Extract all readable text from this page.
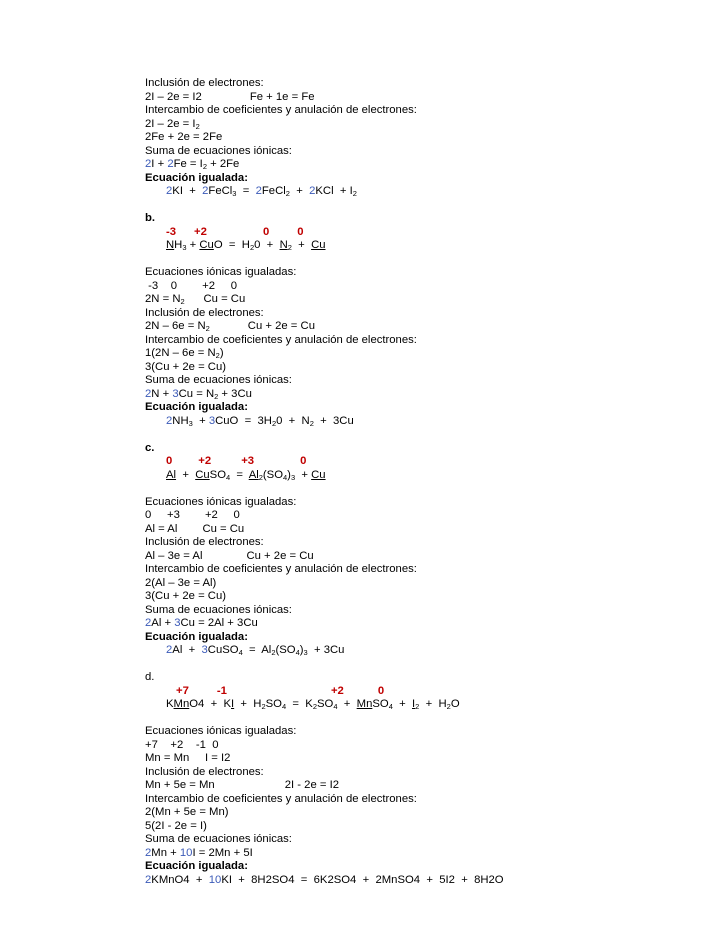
Inclusión de electrones:
2I – 2e = I2	Fe + 1e = Fe
Intercambio de coeficientes y anulación de electrones:
$2I - 2e = I_2$
2Fe + 2e = 2Fe
Suma de ecuaciones iónicas:
$2I + 2Fe = I_2 + 2Fe$
Ecuación igualada:
2KI  +  2FeCl$_3$  =  2FeCl$_2$  +  $2KCl + I_2$
b.
-3 +2	0 0
$NH_3$ + CuO  =  $H_20 + N_2 + Cu$
Ecuaciones iónicas igualadas:
-3    0        +2     0
$2N = N_2$      Cu = Cu
Inclusión de electrones:
$2N - 6e = N_2$	Cu + 2e = Cu
Intercambio de coeficientes y anulación de electrones:
$1(2N - 6e = N_2)$
3(Cu + 2e = Cu)
Suma de ecuaciones iónicas:
$2N + 3Cu = N_2 + 3Cu$
Ecuación igualada:
$2NH_3 + 3CuO = 3H_20 + N_2 + 3Cu$
c.
0 +2	+3	0
Al  +  CuSO$_4$  =  $Al_2(SO_4)_3 + Cu$
Ecuaciones iónicas igualadas:
0     +3        +2     0
Al = Al        Cu = Cu
Inclusión de electrones:
Al – 3e = Al	Cu + 2e = Cu
Intercambio de coeficientes y anulación de electrones:
2(Al – 3e = Al)
3(Cu + 2e = Cu)
Suma de ecuaciones iónicas:
2Al + 3Cu = 2Al + 3Cu
Ecuación igualada:
2Al  +  3CuSO$_4$  =  $Al_2(SO_4)_3 + 3Cu$
d.
+7 -1	+2	0
KMnO4  +  KI  +  $H_2SO_4 = K_2SO_4$  +  MnSO$_4$  +  $I_2 + H_2O$
Ecuaciones iónicas igualadas:
+7    +2    -1  0
Mn = Mn     I = I2
Inclusión de electrones:
Mn + 5e = Mn	2I - 2e = I2
Intercambio de coeficientes y anulación de electrones:
2(Mn + 5e = Mn)
5(2I - 2e = I)
Suma de ecuaciones iónicas:
2Mn + 10I = 2Mn + 5I
Ecuación igualada:
2KMnO4  +  10KI  +  8H2SO4  =  6K2SO4  +  2MnSO4  +  5I2  +  8H2O
